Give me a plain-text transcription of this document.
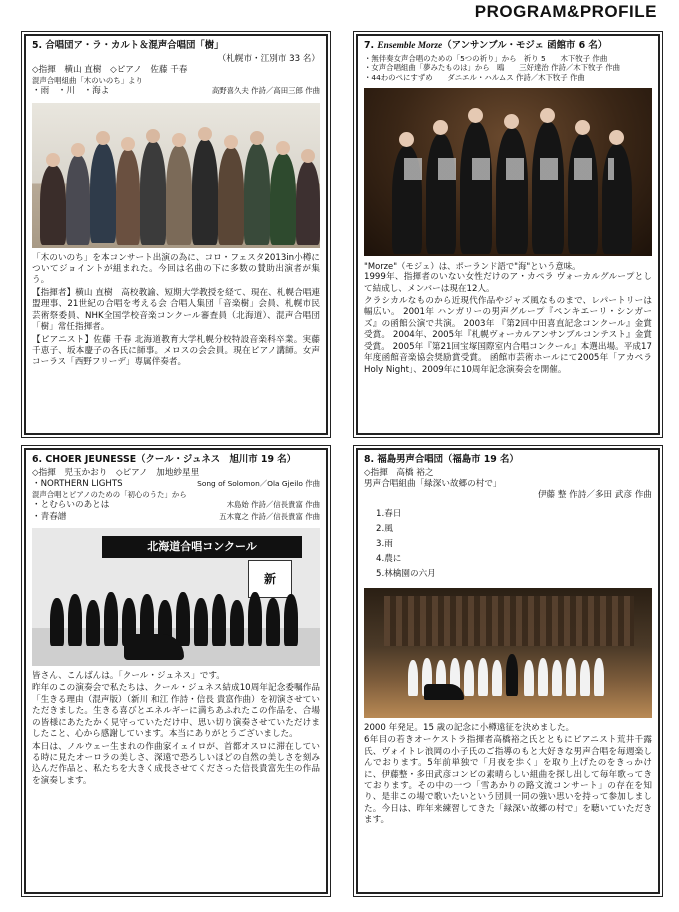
PROGRAM&PROFILE
5. 合唱団ア・ラ・カルト＆混声合唱団「樹」
（札幌市・江別市 33 名）
◇指揮　横山 直樹　◇ピアノ　佐藤 千春
混声合唱組曲「木のいのち」より
・雨　・川　・海よ	高野喜久夫 作詩／高田三郎 作曲

「木のいのち」を本コンサート出演の為に、コロ・フェスタ2013in小樽についてジョイントが組まれた。今回は名曲の下に多数の賛助出演者が集う。

【指揮者】横山 直樹　高校教諭、短期大学教授を経て、現在、札幌合唱連盟理事、21世紀の合唱を考える会 合唱人集団「音楽樹」会員、札幌市民芸術祭委員、NHK全国学校音楽コンクール審査員（北海道）、混声合唱団「樹」常任指揮者。

【ピアニスト】佐藤 千春 北海道教育大学札幌分校特設音楽科卒業。実藤千恵子、坂本慶子の各氏に師事。メロスの会会員。現在ピアノ講師。女声コーラス「西野フリーデ」専属伴奏者。

7. Ensemble Morze（アンサンブル・モジェ 函館市 6 名）
・無伴奏女声合唱のための「5つの祈り」から　祈り 5　　木下牧子 作曲
・女声合唱組曲「夢みたものは」から　鴎　　三好達治 作詩／木下牧子 作曲
・44わのぺにすずめ　　ダニエル・ハルムス 作詩／木下牧子 作曲
"Morze"（モジェ）は、ポーランド語で"海"という意味。

1999年、指揮者のいない女性だけのア・カペラ ヴォーカルグループとして結成し、メンバーは現在12人。

クラシカルなものから近現代作品やジャズ風なものまで、レパートリーは幅広い。 2001年 ハンガリーの男声グループ『ペンキエーリ・シンガーズ』の函館公演で共演。 2003年 『第2回中田喜直記念コンクール』金賞受賞。 2004年、2005年『札幌ヴォーカルアンサンブルコンテスト』金賞受賞。 2005年『第21回宝塚国際室内合唱コンクール』本選出場。平成17年度函館音楽協会奨励賞受賞。 函館市芸術ホールにて2005年「アカペラHoly Night」、2009年に10周年記念演奏会を開催。

6. CHOER JEUNESSE（クール・ジュネス　旭川市 19 名）
◇指揮　児玉かおり　◇ピアノ　加地紗星里
・NORTHERN LIGHTS	Song of Solomon／Ola Gjeilo 作曲
混声合唱とピアノのための「初心のうた」から
・とむらいのあとは	木島始 作詩／信長貴富 作曲
・青春譜	五木寛之 作詩／信長貴富 作曲
北海道合唱コンクール
新

皆さん、こんばんは。「クール・ジュネス」です。

昨年のこの演奏会で私たちは、クール・ジュネス結成10周年記念委嘱作品「生きる理由（混声版）（新川 和江 作詩・信長 貴富作曲）を初演させていただきました。生きる喜びとエネルギーに満ちあふれたこの作品を、合場の皆様にあたたかく見守っていただけ中、思い切り演奏させていただけましたこと、心から感謝しています。本当にありがとうございました。

本日は、ノルウェー生まれの作曲家イェイロが、首都オスロに滞在している時に見たオーロラの美しさ、深遠で恐ろしいほどの自然の美しさを刻み込んだ作品と、私たちを大きく成長させてくださった信長貴富先生の作品を演奏します。

8. 福島男声合唱団（福島市 19 名）
◇指揮　高橋 裕之
男声合唱組曲「緑深い故郷の村で」
伊藤 整 作詩／多田 武彦 作曲
1.春日
2.風
3.雨
4.農に
5.林檎園の六月

2000 年発足。15 歳の記念に小樽遠征を決めました。

6年目の若きオーケストラ指揮者高橋裕之氏とともにピアニスト荒井千露氏、ヴォイトレ浪岡の小子氏のご指導のもと大好きな男声合唱を毎週楽しんでおります。5年前単独で「月夜を歩く」を取り上げたのをきっかけに、伊藤整・多田武彦コンビの素晴らしい組曲を探し出して毎年歌ってきております。その中の一つ「雪あかりの路文流コンサート」の存在を知り、是非この場で歌いたいという団員一同の強い思いを持って参加しました。今日は、昨年来練習してきた「緑深い故郷の村で」を聴いていただきます。
